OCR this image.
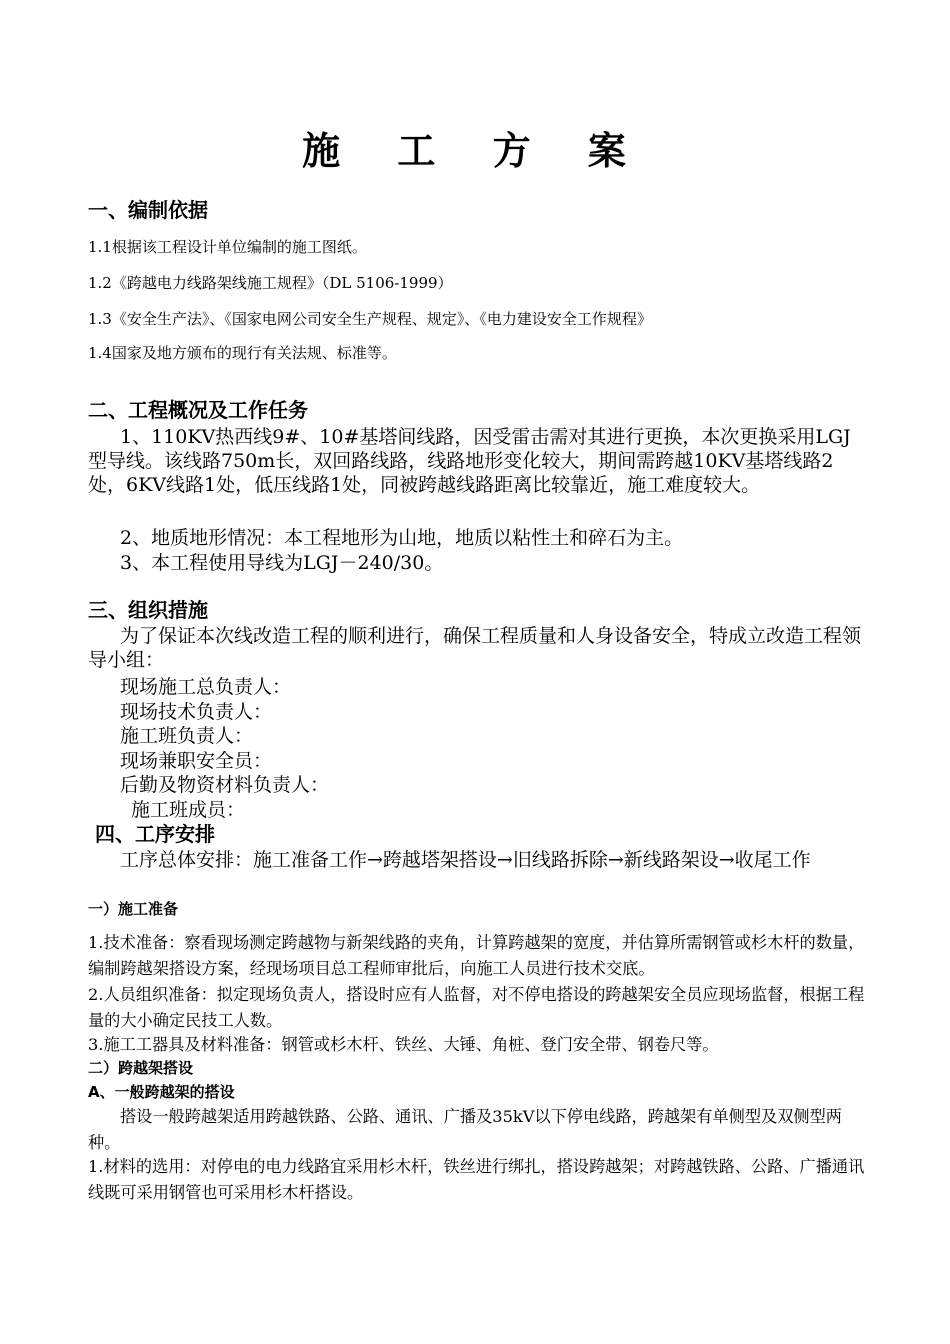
施 工 方 案
一、编制依据
1.1根据该工程设计单位编制的施工图纸。
1.2《跨越电力线路架线施工规程》（DL 5106-1999）
1.3《安全生产法》、《国家电网公司安全生产规程、规定》、《电力建设安全工作规程》
1.4国家及地方颁布的现行有关法规、标准等。
二、工程概况及工作任务
1、110KV热西线9#、10#基塔间线路，因受雷击需对其进行更换，本次更换采用LGJ型导线。该线路750m长，双回路线路，线路地形变化较大，期间需跨越10KV基塔线路2处，6KV线路1处，低压线路1处，同被跨越线路距离比较靠近，施工难度较大。
2、地质地形情况：本工程地形为山地，地质以粘性土和碎石为主。
3、本工程使用导线为LGJ－240/30。
三、组织措施
为了保证本次线改造工程的顺利进行，确保工程质量和人身设备安全，特成立改造工程领导小组：
现场施工总负责人：
现场技术负责人：
施工班负责人：
现场兼职安全员：
后勤及物资材料负责人：
施工班成员：
四、工序安排
工序总体安排：施工准备工作→跨越塔架搭设→旧线路拆除→新线路架设→收尾工作
一）施工准备
1.技术准备：察看现场测定跨越物与新架线路的夹角，计算跨越架的宽度，并估算所需钢管或杉木杆的数量，编制跨越架搭设方案，经现场项目总工程师审批后，向施工人员进行技术交底。
2.人员组织准备：拟定现场负责人，搭设时应有人监督，对不停电搭设的跨越架安全员应现场监督，根据工程量的大小确定民技工人数。
3.施工工器具及材料准备：钢管或杉木杆、铁丝、大锤、角桩、登门安全带、钢卷尺等。
二）跨越架搭设
A、一般跨越架的搭设
搭设一般跨越架适用跨越铁路、公路、通讯、广播及35kV以下停电线路，跨越架有单侧型及双侧型两种。
1.材料的选用：对停电的电力线路宜采用杉木杆，铁丝进行绑扎，搭设跨越架；对跨越铁路、公路、广播通讯线既可采用钢管也可采用杉木杆搭设。
